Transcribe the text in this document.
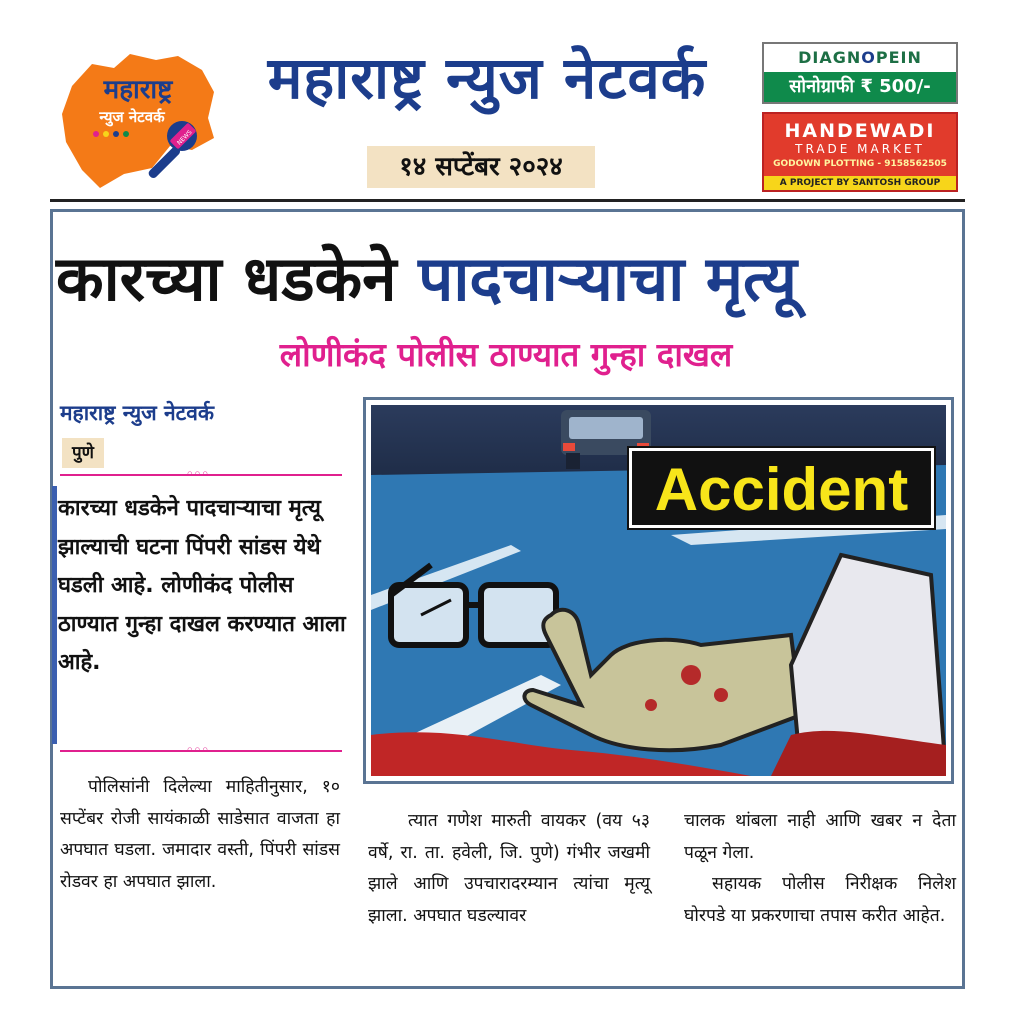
महाराष्ट्र
न्युज नेटवर्क
NEWS
महाराष्ट्र न्युज नेटवर्क
१४ सप्टेंबर २०२४
DIAGNOPEIN
सोनोग्राफी ₹ 500/-
HANDEWADI
TRADE MARKET
GODOWN PLOTTING - 9158562505
A PROJECT BY SANTOSH GROUP
कारच्या धडकेने पादचाऱ्याचा मृत्यू
लोणीकंद पोलीस ठाण्यात गुन्हा दाखल
महाराष्ट्र न्युज नेटवर्क
पुणे
कारच्या धडकेने पादचाऱ्याचा मृत्यू झाल्याची घटना पिंपरी सांडस येथे घडली आहे. लोणीकंद पोलीस ठाण्यात गुन्हा दाखल करण्यात आला आहे.
Accident
पोलिसांनी दिलेल्या माहितीनुसार, १० सप्टेंबर रोजी सायंकाळी साडेसात वाजता हा अपघात घडला. जमादार वस्ती, पिंपरी सांडस रोडवर हा अपघात झाला.
त्यात गणेश मारुती वायकर (वय ५३ वर्षे, रा. ता. हवेली, जि. पुणे) गंभीर जखमी झाले आणि उपचारादरम्यान त्यांचा मृत्यू झाला. अपघात घडल्यावर
चालक थांबला नाही आणि खबर न देता पळून गेला.
सहायक पोलीस निरीक्षक निलेश घोरपडे या प्रकरणाचा तपास करीत आहेत.
